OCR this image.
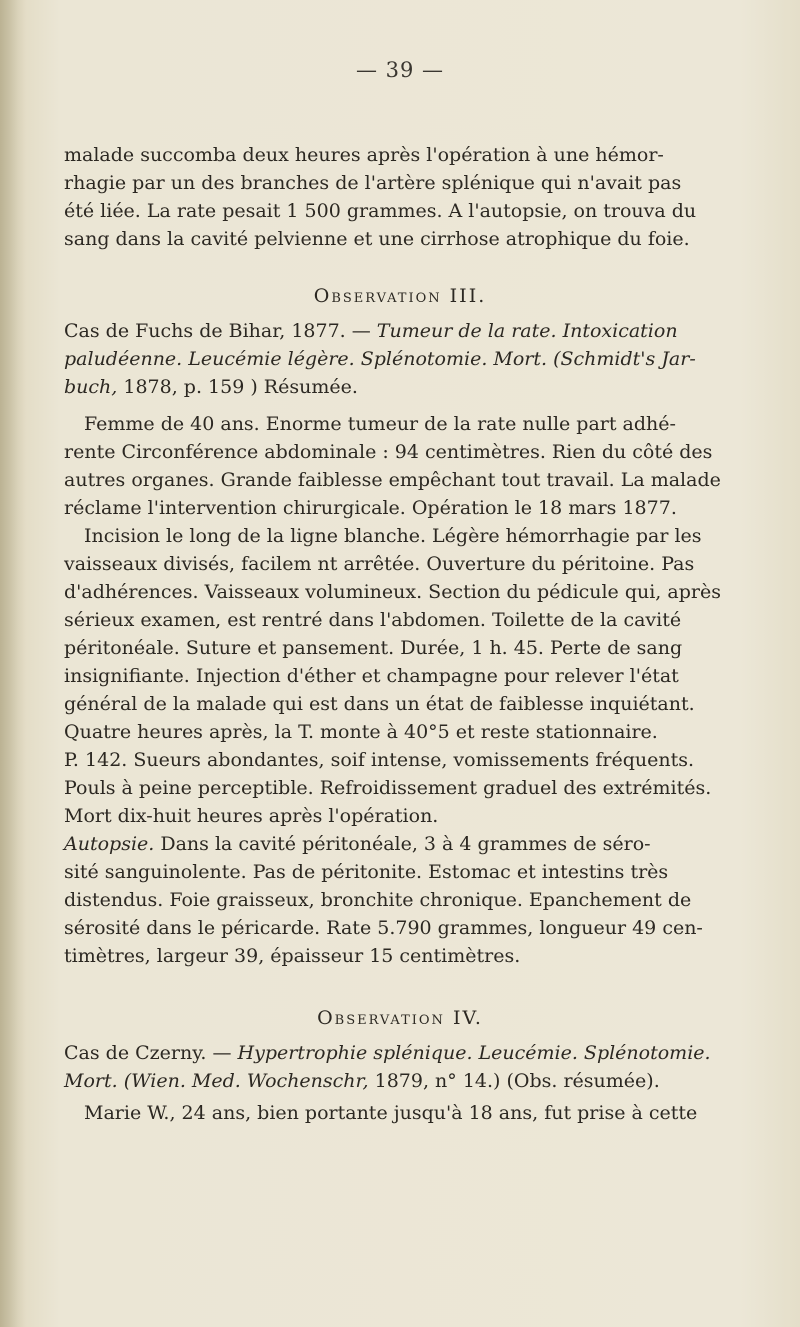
— 39 —
malade succomba deux heures après l'opération à une hémor-
rhagie par un des branches de l'artère splénique qui n'avait pas
été liée. La rate pesait 1 500 grammes. A l'autopsie, on trouva du
sang dans la cavité pelvienne et une cirrhose atrophique du foie.
Observation III.
Cas de Fuchs de Bihar, 1877. — Tumeur de la rate. Intoxication
paludéenne. Leucémie légère. Splénotomie. Mort. (Schmidt's Jar-
buch, 1878, p. 159 ) Résumée.
Femme de 40 ans. Enorme tumeur de la rate nulle part adhé-
rente Circonférence abdominale : 94 centimètres. Rien du côté des
autres organes. Grande faiblesse empêchant tout travail. La malade
réclame l'intervention chirurgicale. Opération le 18 mars 1877.
Incision le long de la ligne blanche. Légère hémorrhagie par les
vaisseaux divisés, facilem nt arrêtée. Ouverture du péritoine. Pas
d'adhérences. Vaisseaux volumineux. Section du pédicule qui, après
sérieux examen, est rentré dans l'abdomen. Toilette de la cavité
péritonéale. Suture et pansement. Durée, 1 h. 45. Perte de sang
insignifiante. Injection d'éther et champagne pour relever l'état
général de la malade qui est dans un état de faiblesse inquiétant.
Quatre heures après, la T. monte à 40°5 et reste stationnaire.
P. 142. Sueurs abondantes, soif intense, vomissements fréquents.
Pouls à peine perceptible. Refroidissement graduel des extrémités.
Mort dix-huit heures après l'opération.
Autopsie. Dans la cavité péritonéale, 3 à 4 grammes de séro-
sité sanguinolente. Pas de péritonite. Estomac et intestins très
distendus. Foie graisseux, bronchite chronique. Epanchement de
sérosité dans le péricarde. Rate 5.790 grammes, longueur 49 cen-
timètres, largeur 39, épaisseur 15 centimètres.
Observation IV.
Cas de Czerny. — Hypertrophie splénique. Leucémie. Splénotomie.
Mort. (Wien. Med. Wochenschr, 1879, n° 14.) (Obs. résumée).
Marie W., 24 ans, bien portante jusqu'à 18 ans, fut prise à cette
